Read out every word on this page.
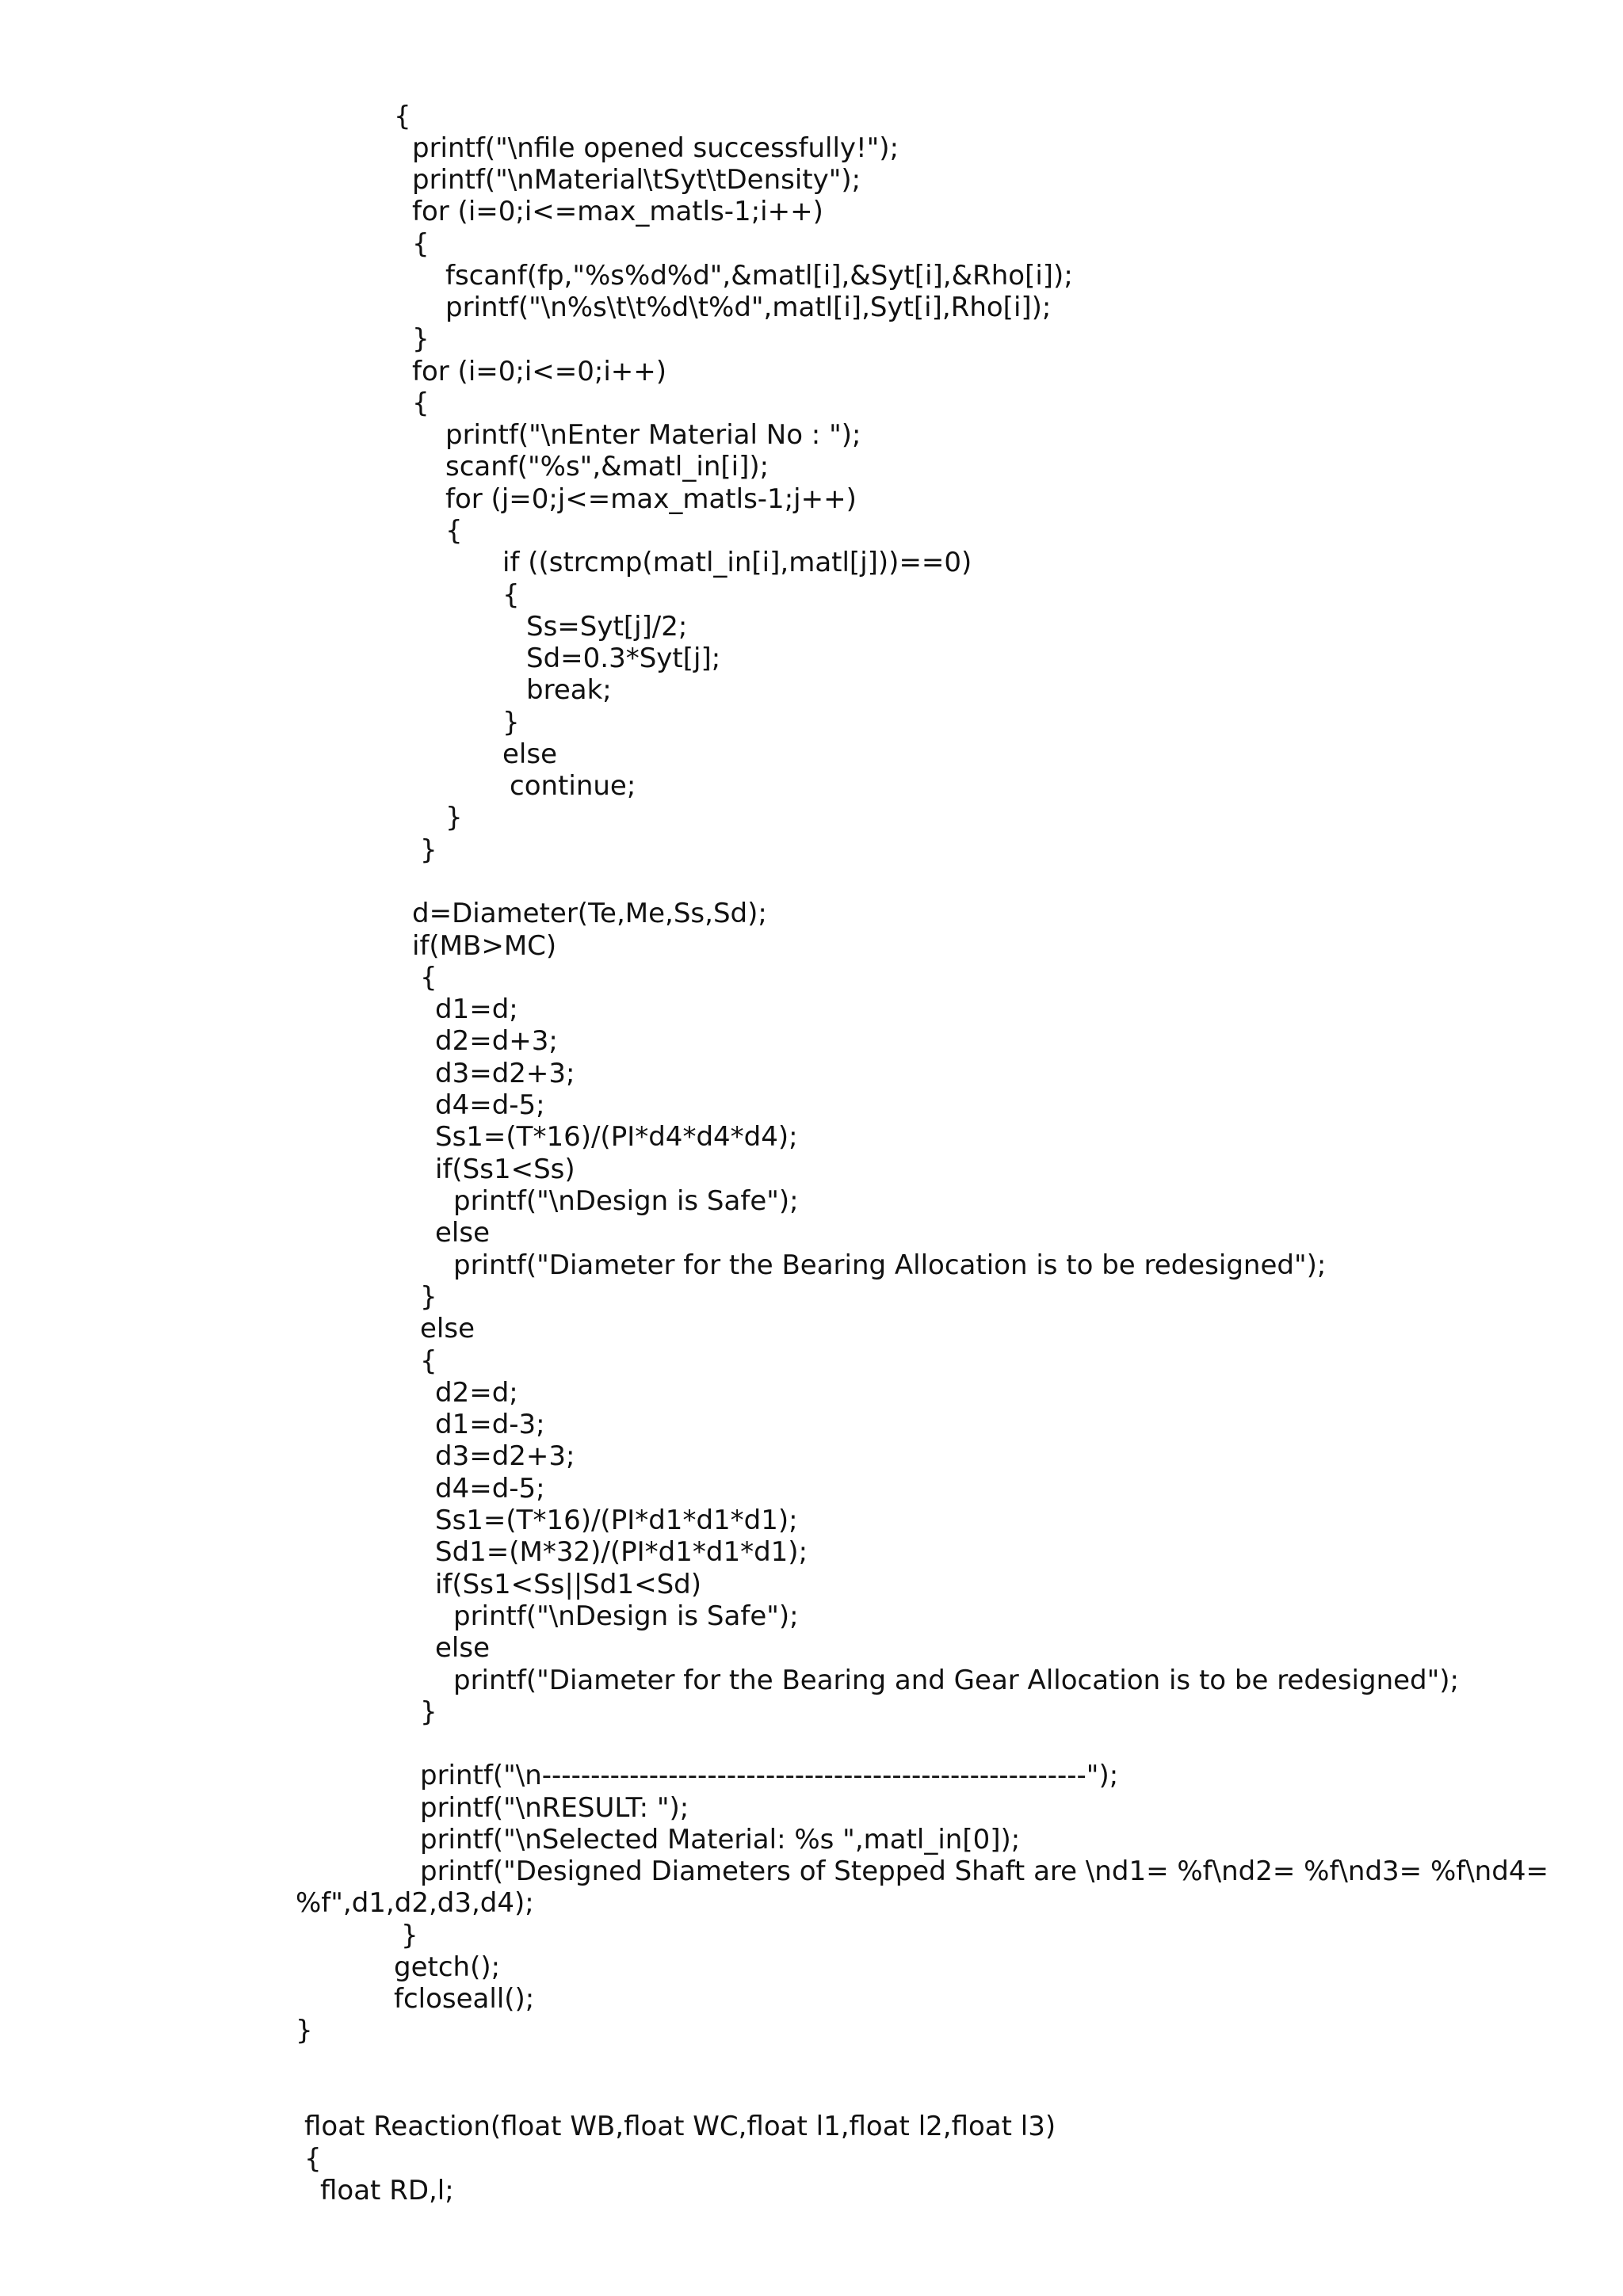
{
printf("\nfile opened successfully!");
printf("\nMaterial\tSyt\tDensity");
for (i=0;i<=max_matls-1;i++)
{
fscanf(fp,"%s%d%d",&matl[i],&Syt[i],&Rho[i]);
printf("\n%s\t\t%d\t%d",matl[i],Syt[i],Rho[i]);
}
for (i=0;i<=0;i++)
{
printf("\nEnter Material No : ");
scanf("%s",&matl_in[i]);
for (j=0;j<=max_matls-1;j++)
{
if ((strcmp(matl_in[i],matl[j]))==0)
{
Ss=Syt[j]/2;
Sd=0.3*Syt[j];
break;
}
else
continue;
}
}
d=Diameter(Te,Me,Ss,Sd);
if(MB>MC)
{
d1=d;
d2=d+3;
d3=d2+3;
d4=d-5;
Ss1=(T*16)/(PI*d4*d4*d4);
if(Ss1<Ss)
printf("\nDesign is Safe");
else
printf("Diameter for the Bearing Allocation is to be redesigned");
}
else
{
d2=d;
d1=d-3;
d3=d2+3;
d4=d-5;
Ss1=(T*16)/(PI*d1*d1*d1);
Sd1=(M*32)/(PI*d1*d1*d1);
if(Ss1<Ss||Sd1<Sd)
printf("\nDesign is Safe");
else
printf("Diameter for the Bearing and Gear Allocation is to be redesigned");
}
printf("\n--------------------------------------------------------");
printf("\nRESULT: ");
printf("\nSelected Material: %s ",matl_in[0]);
printf("Designed Diameters of Stepped Shaft are \nd1= %f\nd2= %f\nd3= %f\nd4=
%f",d1,d2,d3,d4);
}
getch();
fcloseall();
}
float Reaction(float WB,float WC,float l1,float l2,float l3)
{
float RD,l;
